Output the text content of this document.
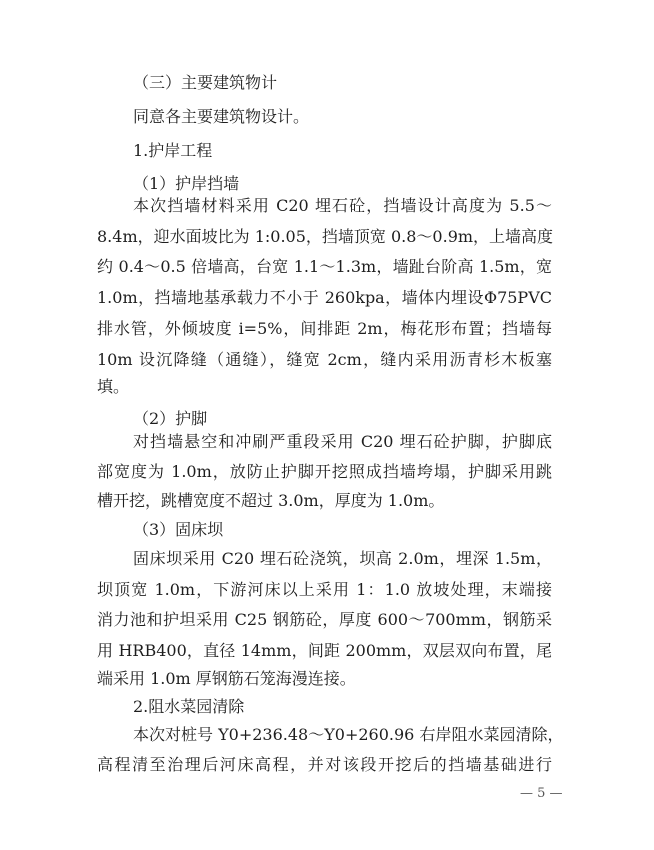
（三）主要建筑物计
同意各主要建筑物设计。
1.护岸工程
（1）护岸挡墙
本次挡墙材料采用 C20 埋石砼，挡墙设计高度为 5.5～
8.4m，迎水面坡比为 1:0.05，挡墙顶宽 0.8～0.9m，上墙高度
约 0.4～0.5 倍墙高，台宽 1.1～1.3m，墙趾台阶高 1.5m，宽
1.0m，挡墙地基承载力不小于 260kpa，墙体内埋设Φ75PVC
排水管，外倾坡度 i=5%，间排距 2m，梅花形布置；挡墙每
10m 设沉降缝（通缝），缝宽 2cm，缝内采用沥青杉木板塞
填。
（2）护脚
对挡墙悬空和冲刷严重段采用 C20 埋石砼护脚，护脚底
部宽度为 1.0m，放防止护脚开挖照成挡墙垮塌，护脚采用跳
槽开挖，跳槽宽度不超过 3.0m，厚度为 1.0m。
（3）固床坝
固床坝采用 C20 埋石砼浇筑，坝高 2.0m，埋深 1.5m，
坝顶宽 1.0m，下游河床以上采用 1：1.0 放坡处理，末端接
消力池和护坦采用 C25 钢筋砼，厚度 600～700mm，钢筋采
用 HRB400，直径 14mm，间距 200mm，双层双向布置，尾
端采用 1.0m 厚钢筋石笼海漫连接。
2.阻水菜园清除
本次对桩号 Y0+236.48～Y0+260.96 右岸阻水菜园清除，
高程清至治理后河床高程，并对该段开挖后的挡墙基础进行
— 5 —
